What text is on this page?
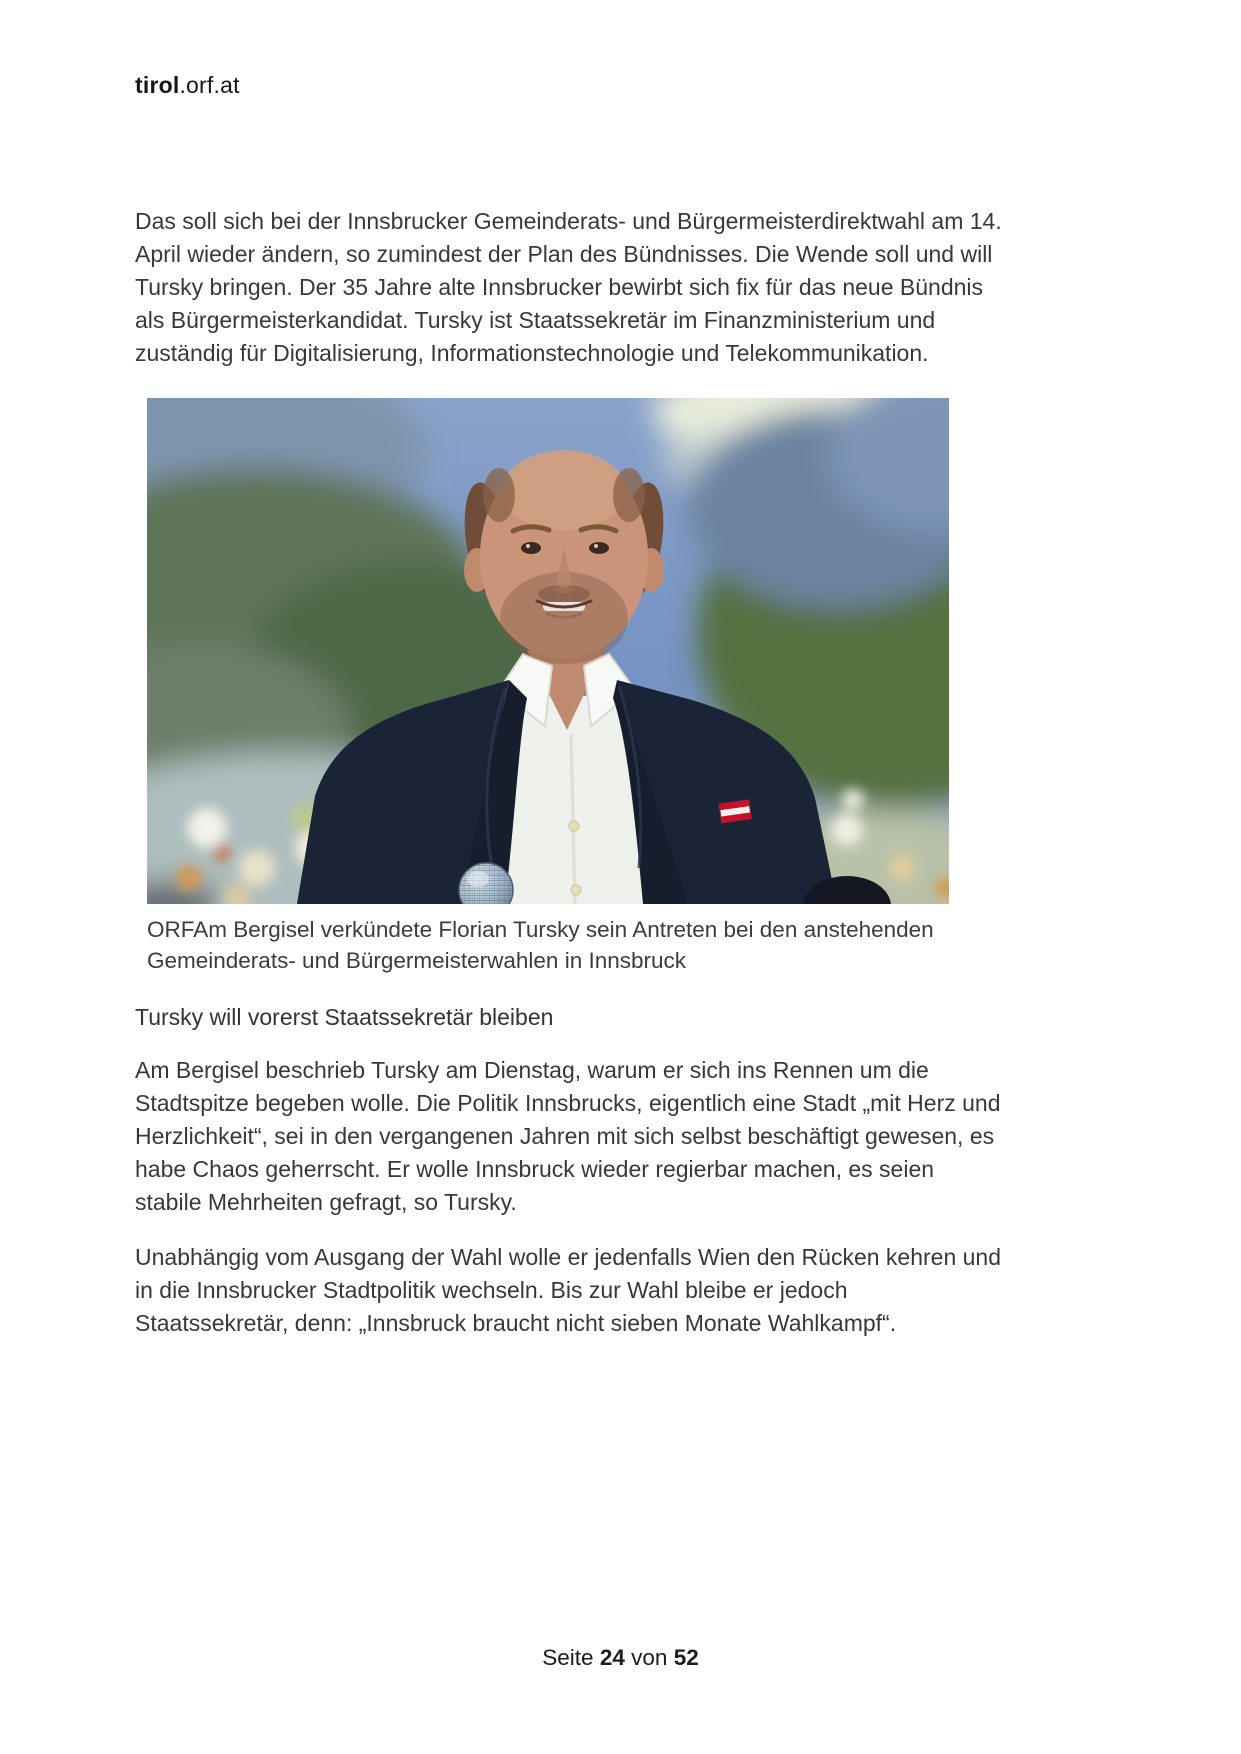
tirol.orf.at

Das soll sich bei der Innsbrucker Gemeinderats- und Bürgermeisterdirektwahl am 14.
April wieder ändern, so zumindest der Plan des Bündnisses. Die Wende soll und will
Tursky bringen. Der 35 Jahre alte Innsbrucker bewirbt sich fix für das neue Bündnis
als Bürgermeisterkandidat. Tursky ist Staatssekretär im Finanzministerium und
zuständig für Digitalisierung, Informationstechnologie und Telekommunikation.

ORFAm Bergisel verkündete Florian Tursky sein Antreten bei den anstehenden
Gemeinderats- und Bürgermeisterwahlen in Innsbruck

Tursky will vorerst Staatssekretär bleiben

Am Bergisel beschrieb Tursky am Dienstag, warum er sich ins Rennen um die
Stadtspitze begeben wolle. Die Politik Innsbrucks, eigentlich eine Stadt „mit Herz und
Herzlichkeit“, sei in den vergangenen Jahren mit sich selbst beschäftigt gewesen, es
habe Chaos geherrscht. Er wolle Innsbruck wieder regierbar machen, es seien
stabile Mehrheiten gefragt, so Tursky.

Unabhängig vom Ausgang der Wahl wolle er jedenfalls Wien den Rücken kehren und
in die Innsbrucker Stadtpolitik wechseln. Bis zur Wahl bleibe er jedoch
Staatssekretär, denn: „Innsbruck braucht nicht sieben Monate Wahlkampf“.

Seite 24 von 52
